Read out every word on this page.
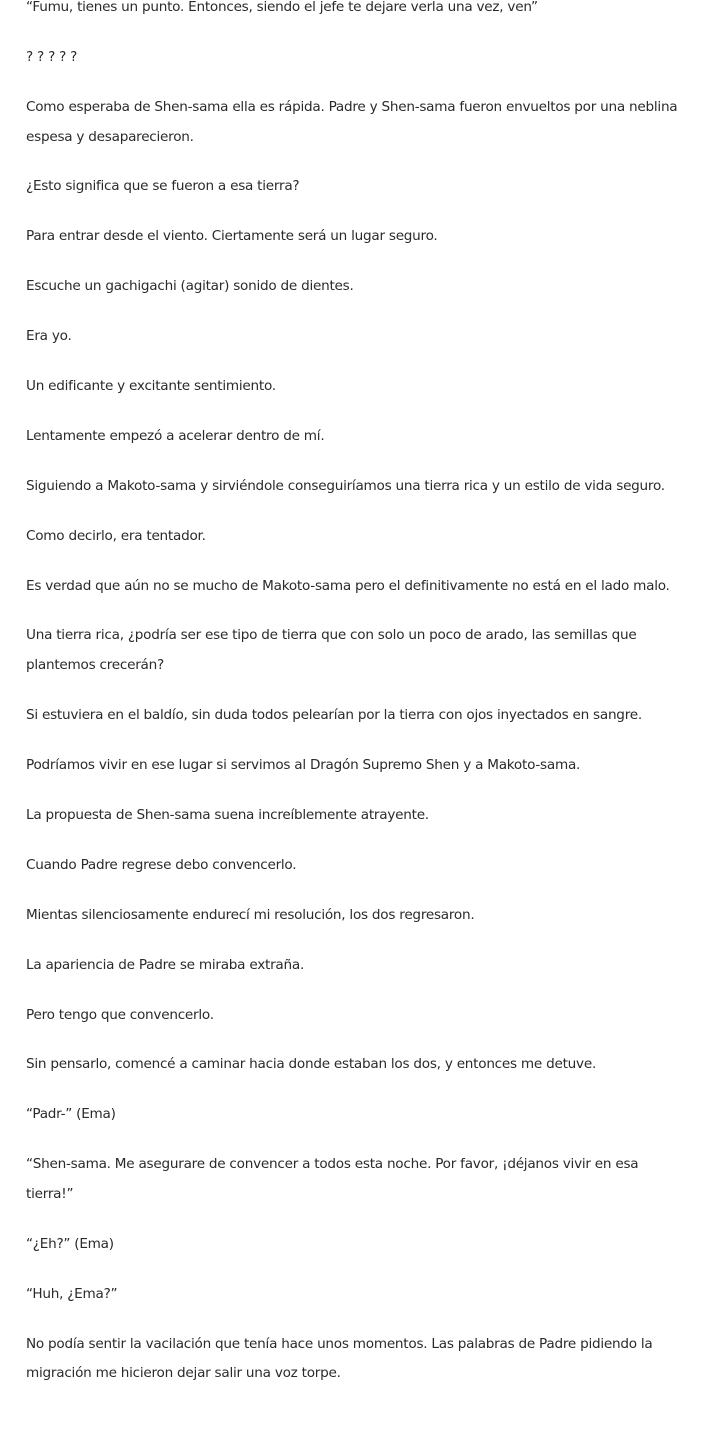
“Fumu, tienes un punto. Entonces, siendo el jefe te dejare verla una vez, ven”

? ? ? ? ?

Como esperaba de Shen-sama ella es rápida. Padre y Shen-sama fueron envueltos por una neblina espesa y desaparecieron.

¿Esto significa que se fueron a esa tierra?

Para entrar desde el viento. Ciertamente será un lugar seguro.

Escuche un gachigachi (agitar) sonido de dientes.

Era yo.

Un edificante y excitante sentimiento.

Lentamente empezó a acelerar dentro de mí.

Siguiendo a Makoto-sama y sirviéndole conseguiríamos una tierra rica y un estilo de vida seguro.

Como decirlo, era tentador.

Es verdad que aún no se mucho de Makoto-sama pero el definitivamente no está en el lado malo.

Una tierra rica, ¿podría ser ese tipo de tierra que con solo un poco de arado, las semillas que plantemos crecerán?

Si estuviera en el baldío, sin duda todos pelearían por la tierra con ojos inyectados en sangre.

Podríamos vivir en ese lugar si servimos al Dragón Supremo Shen y a Makoto-sama.

La propuesta de Shen-sama suena increíblemente atrayente.

Cuando Padre regrese debo convencerlo.

Mientas silenciosamente endurecí mi resolución, los dos regresaron.

La apariencia de Padre se miraba extraña.

Pero tengo que convencerlo.

Sin pensarlo, comencé a caminar hacia donde estaban los dos, y entonces me detuve.

“Padr-” (Ema)

“Shen-sama. Me asegurare de convencer a todos esta noche. Por favor, ¡déjanos vivir en esa tierra!”

“¿Eh?” (Ema)

“Huh, ¿Ema?”

No podía sentir la vacilación que tenía hace unos momentos. Las palabras de Padre pidiendo la migración me hicieron dejar salir una voz torpe.
